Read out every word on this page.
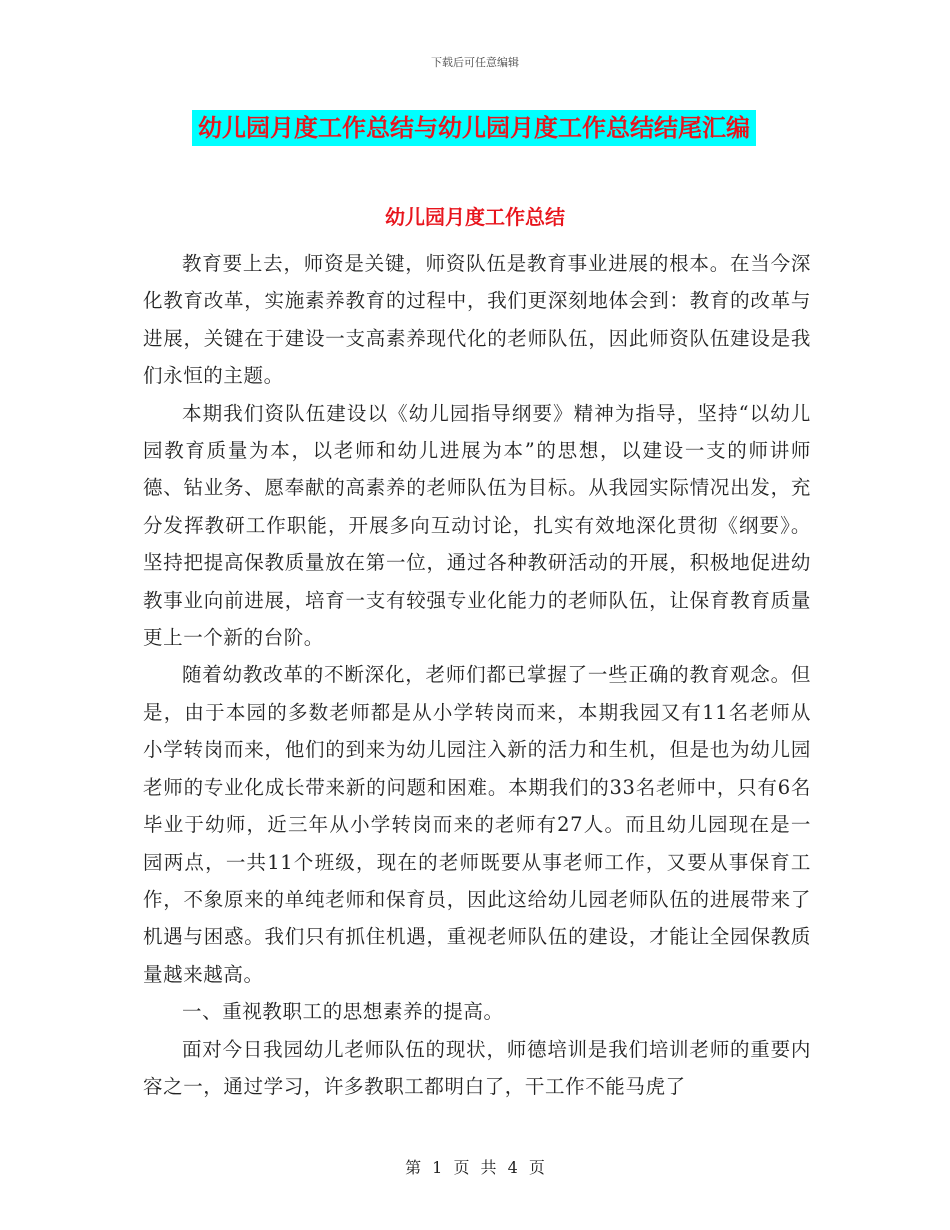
下载后可任意编辑
幼儿园月度工作总结与幼儿园月度工作总结结尾汇编
幼儿园月度工作总结

教育要上去，师资是关键，师资队伍是教育事业进展的根本。在当今深化教育改革，实施素养教育的过程中，我们更深刻地体会到：教育的改革与进展，关键在于建设一支高素养现代化的老师队伍，因此师资队伍建设是我们永恒的主题。

本期我们资队伍建设以《幼儿园指导纲要》精神为指导，坚持“以幼儿园教育质量为本，以老师和幼儿进展为本”的思想，以建设一支的师讲师德、钻业务、愿奉献的高素养的老师队伍为目标。从我园实际情况出发，充分发挥教研工作职能，开展多向互动讨论，扎实有效地深化贯彻《纲要》。坚持把提高保教质量放在第一位，通过各种教研活动的开展，积极地促进幼教事业向前进展，培育一支有较强专业化能力的老师队伍，让保育教育质量更上一个新的台阶。

随着幼教改革的不断深化，老师们都已掌握了一些正确的教育观念。但是，由于本园的多数老师都是从小学转岗而来，本期我园又有11名老师从小学转岗而来，他们的到来为幼儿园注入新的活力和生机，但是也为幼儿园老师的专业化成长带来新的问题和困难。本期我们的33名老师中，只有6名毕业于幼师，近三年从小学转岗而来的老师有27人。而且幼儿园现在是一园两点，一共11个班级，现在的老师既要从事老师工作，又要从事保育工作，不象原来的单纯老师和保育员，因此这给幼儿园老师队伍的进展带来了机遇与困惑。我们只有抓住机遇，重视老师队伍的建设，才能让全园保教质量越来越高。

一、重视教职工的思想素养的提高。

面对今日我园幼儿老师队伍的现状，师德培训是我们培训老师的重要内容之一，通过学习，许多教职工都明白了，干工作不能马虎了

第 1 页 共 4 页
